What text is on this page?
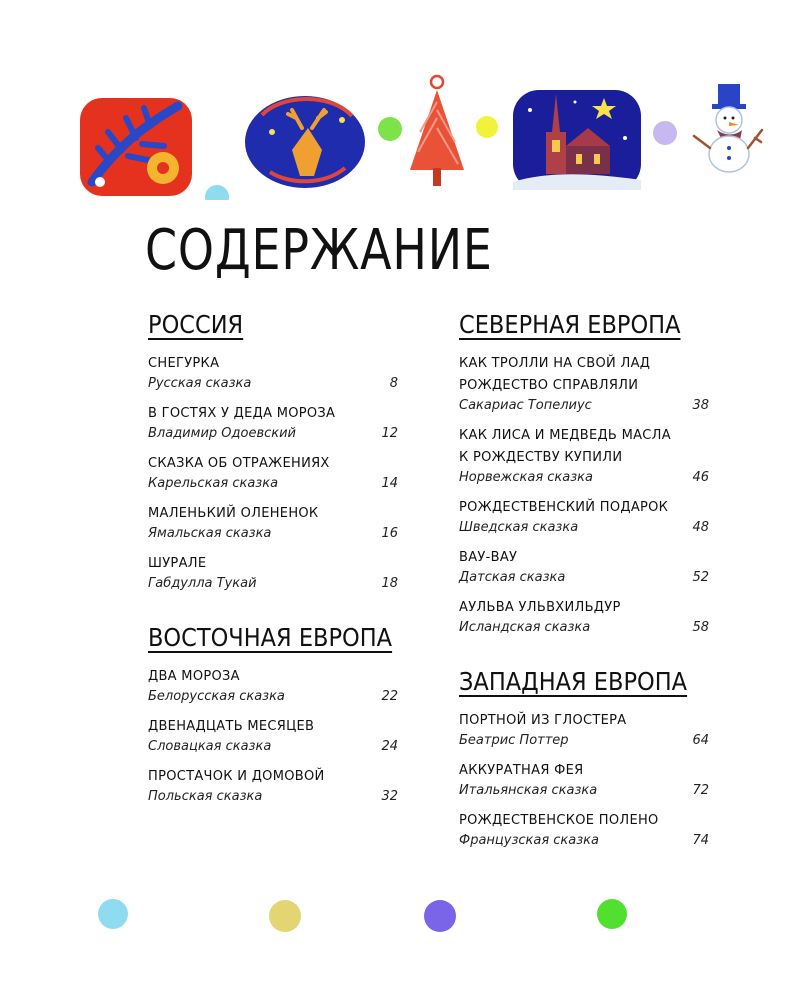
СОДЕРЖАНИЕ
РОССИЯ
СНЕГУРКА
Русская сказка	8
В ГОСТЯХ У ДЕДА МОРОЗА
Владимир Одоевский	12
СКАЗКА ОБ ОТРАЖЕНИЯХ
Карельская сказка	14
МАЛЕНЬКИЙ ОЛЕНЕНОК
Ямальская сказка	16
ШУРАЛЕ
Габдулла Тукай	18
ВОСТОЧНАЯ ЕВРОПА
ДВА МОРОЗА
Белорусская сказка	22
ДВЕНАДЦАТЬ МЕСЯЦЕВ
Словацкая сказка	24
ПРОСТАЧОК И ДОМОВОЙ
Польская сказка	32
СЕВЕРНАЯ ЕВРОПА
КАК ТРОЛЛИ НА СВОЙ ЛАД
РОЖДЕСТВО СПРАВЛЯЛИ
Сакариас Топелиус	38
КАК ЛИСА И МЕДВЕДЬ МАСЛА
К РОЖДЕСТВУ КУПИЛИ
Норвежская сказка	46
РОЖДЕСТВЕНСКИЙ ПОДАРОК
Шведская сказка	48
ВАУ-ВАУ
Датская сказка	52
АУЛЬВА УЛЬВХИЛЬДУР
Исландская сказка	58
ЗАПАДНАЯ ЕВРОПА
ПОРТНОЙ ИЗ ГЛОСТЕРА
Беатрис Поттер	64
АККУРАТНАЯ ФЕЯ
Итальянская сказка	72
РОЖДЕСТВЕНСКОЕ ПОЛЕНО
Французская сказка	74
